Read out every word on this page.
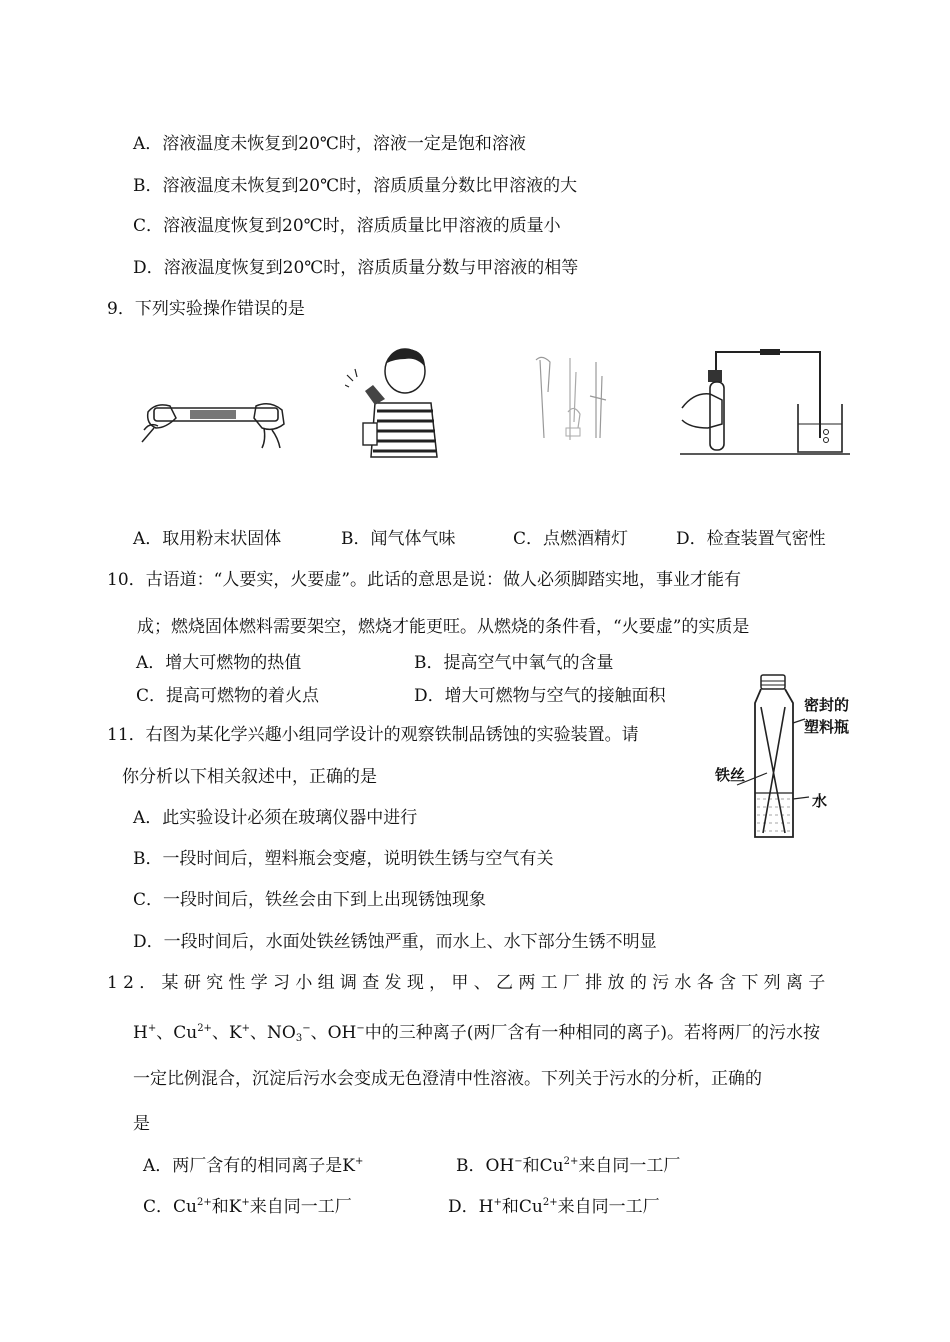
A．溶液温度未恢复到20℃时，溶液一定是饱和溶液
B．溶液温度未恢复到20℃时，溶质质量分数比甲溶液的大
C．溶液温度恢复到20℃时，溶质质量比甲溶液的质量小
D．溶液温度恢复到20℃时，溶质质量分数与甲溶液的相等
9．下列实验操作错误的是
A．取用粉末状固体	B．闻气体气味	C．点燃酒精灯	D．检查装置气密性
10．古语道：“人要实，火要虚”。此话的意思是说：做人必须脚踏实地，事业才能有
成；燃烧固体燃料需要架空，燃烧才能更旺。从燃烧的条件看，“火要虚”的实质是
A．增大可燃物的热值	B．提高空气中氧气的含量
C．提高可燃物的着火点	D．增大可燃物与空气的接触面积	密封的
塑料瓶
铁丝
水
11．右图为某化学兴趣小组同学设计的观察铁制品锈蚀的实验装置。请
你分析以下相关叙述中，正确的是
A．此实验设计必须在玻璃仪器中进行
B．一段时间后，塑料瓶会变瘪，说明铁生锈与空气有关
C．一段时间后，铁丝会由下到上出现锈蚀现象
D．一段时间后，水面处铁丝锈蚀严重，而水上、水下部分生锈不明显
12．某研究性学习小组调查发现，甲、乙两工厂排放的污水各含下列离子
H+、$Cu^{2+}$、K+、$NO_3^-$、OH−中的三种离子(两厂含有一种相同的离子)。若将两厂的污水按
一定比例混合，沉淀后污水会变成无色澄清中性溶液。下列关于污水的分析，正确的
是
A．两厂含有的相同离子是K+	B．OH−和$Cu^{2+}$来自同一工厂
C．$Cu^{2+}$和K+来自同一工厂	D．H+和$Cu^{2+}$来自同一工厂
